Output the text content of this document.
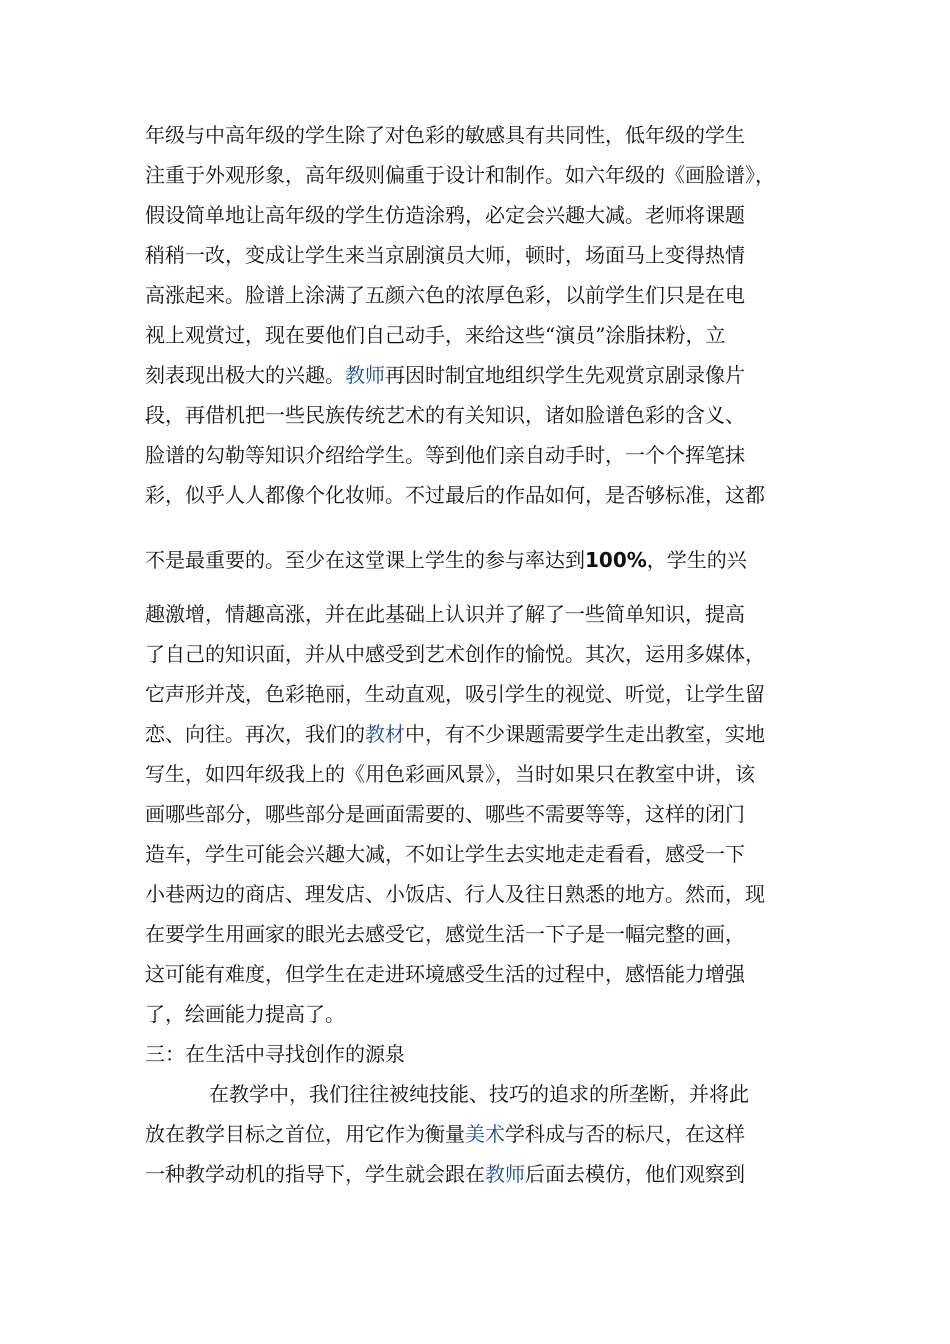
年级与中高年级的学生除了对色彩的敏感具有共同性，低年级的学生
注重于外观形象，高年级则偏重于设计和制作。如六年级的《画脸谱》，
假设简单地让高年级的学生仿造涂鸦，必定会兴趣大减。老师将课题
稍稍一改，变成让学生来当京剧演员大师，顿时，场面马上变得热情
高涨起来。脸谱上涂满了五颜六色的浓厚色彩，以前学生们只是在电
视上观赏过，现在要他们自己动手，来给这些“演员”涂脂抹粉，立
刻表现出极大的兴趣。教师再因时制宜地组织学生先观赏京剧录像片
段，再借机把一些民族传统艺术的有关知识，诸如脸谱色彩的含义、
脸谱的勾勒等知识介绍给学生。等到他们亲自动手时，一个个挥笔抹
彩，似乎人人都像个化妆师。不过最后的作品如何，是否够标准，这都
不是最重要的。至少在这堂课上学生的参与率达到100%，学生的兴
趣激增，情趣高涨，并在此基础上认识并了解了一些简单知识，提高
了自己的知识面，并从中感受到艺术创作的愉悦。其次，运用多媒体，
它声形并茂，色彩艳丽，生动直观，吸引学生的视觉、听觉，让学生留
恋、向往。再次，我们的教材中，有不少课题需要学生走出教室，实地
写生，如四年级我上的《用色彩画风景》，当时如果只在教室中讲，该
画哪些部分，哪些部分是画面需要的、哪些不需要等等，这样的闭门
造车，学生可能会兴趣大减，不如让学生去实地走走看看，感受一下
小巷两边的商店、理发店、小饭店、行人及往日熟悉的地方。然而，现
在要学生用画家的眼光去感受它，感觉生活一下子是一幅完整的画，
这可能有难度，但学生在走进环境感受生活的过程中，感悟能力增强
了，绘画能力提高了。
三：在生活中寻找创作的源泉
在教学中，我们往往被纯技能、技巧的追求的所垄断，并将此
放在教学目标之首位，用它作为衡量美术学科成与否的标尺，在这样
一种教学动机的指导下，学生就会跟在教师后面去模仿，他们观察到
